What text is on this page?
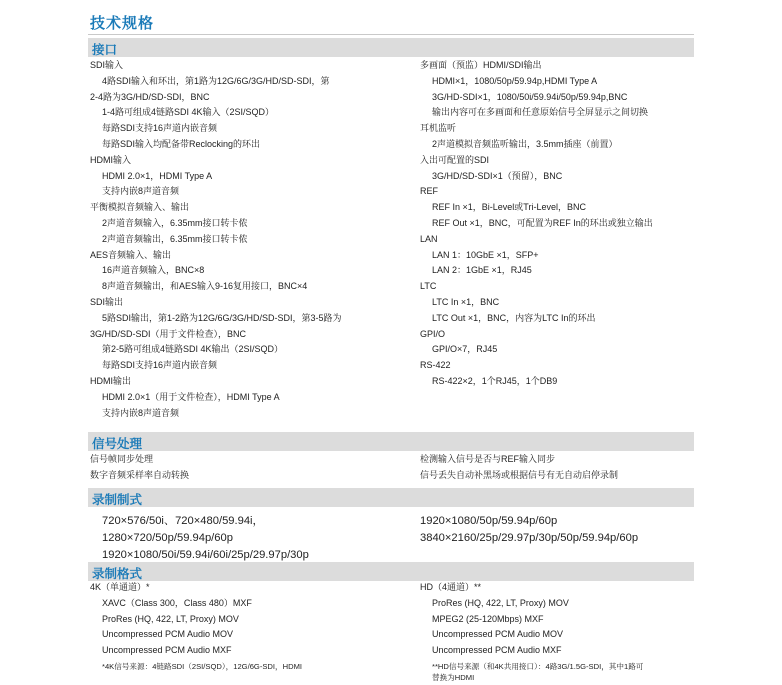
技术规格
接口
SDI输入
4路SDI输入和环出，第1路为12G/6G/3G/HD/SD-SDI，第
2-4路为3G/HD/SD-SDI，BNC
1-4路可组成4链路SDI 4K输入（2SI/SQD）
每路SDI支持16声道内嵌音频
每路SDI输入均配备带Reclocking的环出
HDMI输入
HDMI 2.0×1，HDMI Type A
支持内嵌8声道音频
平衡模拟音频输入、输出
2声道音频输入，6.35mm接口转卡侬
2声道音频输出，6.35mm接口转卡侬
AES音频输入、输出
16声道音频输入，BNC×8
8声道音频输出，和AES输入9-16复用接口，BNC×4
SDI输出
5路SDI输出，第1-2路为12G/6G/3G/HD/SD-SDI，第3-5路为
3G/HD/SD-SDI（用于文件检查），BNC
第2-5路可组成4链路SDI 4K输出（2SI/SQD）
每路SDI支持16声道内嵌音频
HDMI输出
HDMI 2.0×1（用于文件检查），HDMI Type A
支持内嵌8声道音频
多画面（预监）HDMI/SDI输出
HDMI×1，1080/50p/59.94p,HDMI Type A
3G/HD-SDI×1，1080/50i/59.94i/50p/59.94p,BNC
输出内容可在多画面和任意原始信号全屏显示之间切换
耳机监听
2声道模拟音频监听输出，3.5mm插座（前置）
入出可配置的SDI
3G/HD/SD-SDI×1（预留），BNC
REF
REF In ×1，Bi-Level或Tri-Level，BNC
REF Out ×1，BNC，可配置为REF In的环出或独立输出
LAN
LAN 1：10GbE ×1，SFP+
LAN 2：1GbE ×1，RJ45
LTC
LTC In ×1，BNC
LTC Out ×1，BNC，内容为LTC In的环出
GPI/O
GPI/O×7，RJ45
RS-422
RS-422×2，1个RJ45，1个DB9
信号处理
信号帧同步处理
数字音频采样率自动转换
检测输入信号是否与REF输入同步
信号丢失自动补黑场或根据信号有无自动启停录制
录制制式
720×576/50i、720×480/59.94i，
1280×720/50p/59.94p/60p
1920×1080/50i/59.94i/60i/25p/29.97p/30p
1920×1080/50p/59.94p/60p
3840×2160/25p/29.97p/30p/50p/59.94p/60p
录制格式
4K（单通道）*
XAVC（Class 300，Class 480）MXF
ProRes (HQ, 422, LT, Proxy) MOV
Uncompressed PCM Audio MOV
Uncompressed PCM Audio MXF
*4K信号来源：4链路SDI（2SI/SQD），12G/6G-SDI，HDMI
HD（4通道）**
ProRes (HQ, 422, LT, Proxy) MOV
MPEG2 (25-120Mbps) MXF
Uncompressed PCM Audio MOV
Uncompressed PCM Audio MXF
**HD信号来源（和4K共用接口）：4路3G/1.5G-SDI，其中1路可
替换为HDMI
